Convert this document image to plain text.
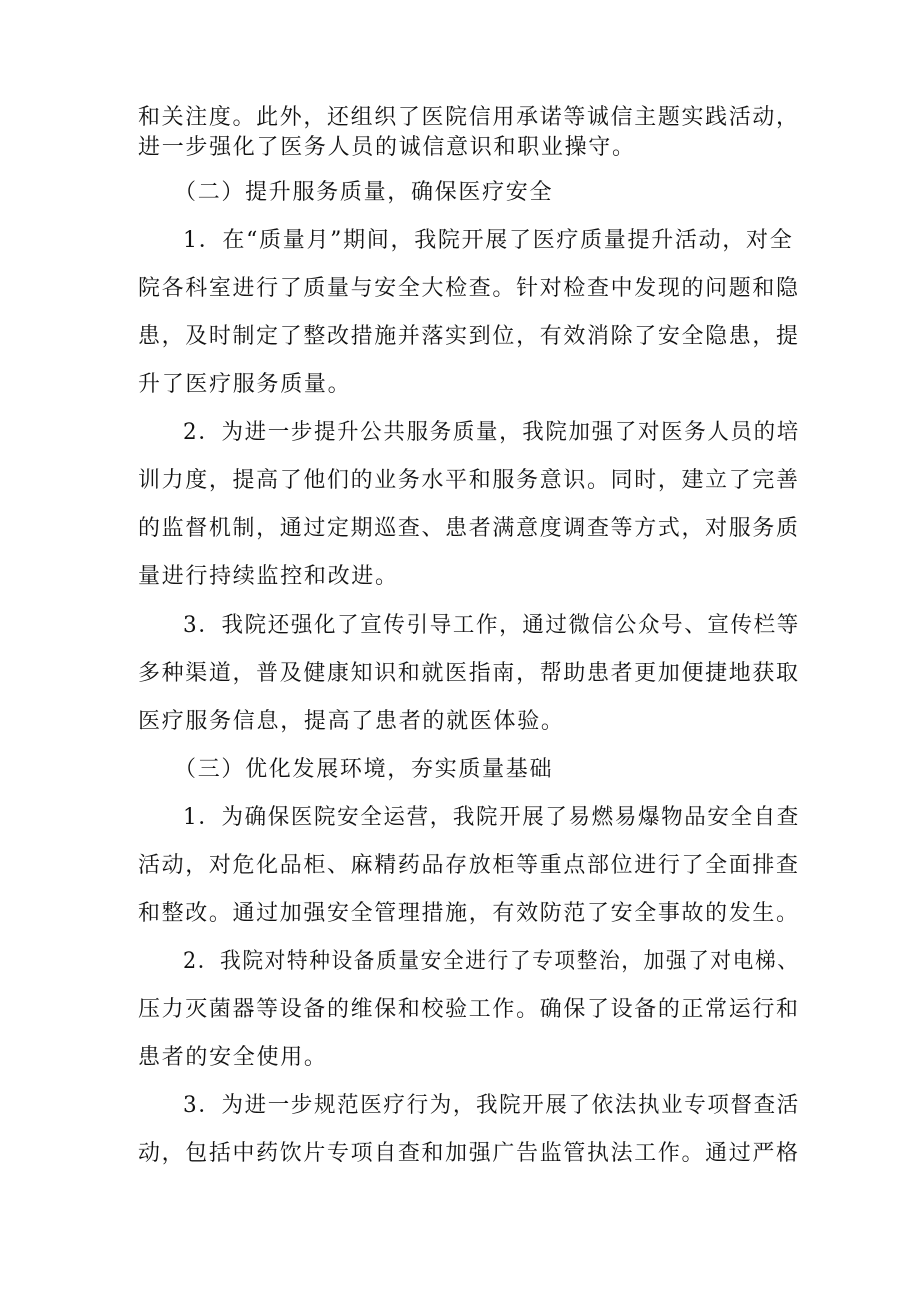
和关注度。此外，还组织了医院信用承诺等诚信主题实践活动，

进一步强化了医务人员的诚信意识和职业操守。

（二）提升服务质量，确保医疗安全

1．在“质量月”期间，我院开展了医疗质量提升活动，对全

院各科室进行了质量与安全大检查。针对检查中发现的问题和隐

患，及时制定了整改措施并落实到位，有效消除了安全隐患，提

升了医疗服务质量。

2．为进一步提升公共服务质量，我院加强了对医务人员的培

训力度，提高了他们的业务水平和服务意识。同时，建立了完善

的监督机制，通过定期巡查、患者满意度调查等方式，对服务质

量进行持续监控和改进。

3．我院还强化了宣传引导工作，通过微信公众号、宣传栏等

多种渠道，普及健康知识和就医指南，帮助患者更加便捷地获取

医疗服务信息，提高了患者的就医体验。

（三）优化发展环境，夯实质量基础

1．为确保医院安全运营，我院开展了易燃易爆物品安全自查

活动，对危化品柜、麻精药品存放柜等重点部位进行了全面排查

和整改。通过加强安全管理措施，有效防范了安全事故的发生。

2．我院对特种设备质量安全进行了专项整治，加强了对电梯、

压力灭菌器等设备的维保和校验工作。确保了设备的正常运行和

患者的安全使用。

3．为进一步规范医疗行为，我院开展了依法执业专项督查活

动，包括中药饮片专项自查和加强广告监管执法工作。通过严格
